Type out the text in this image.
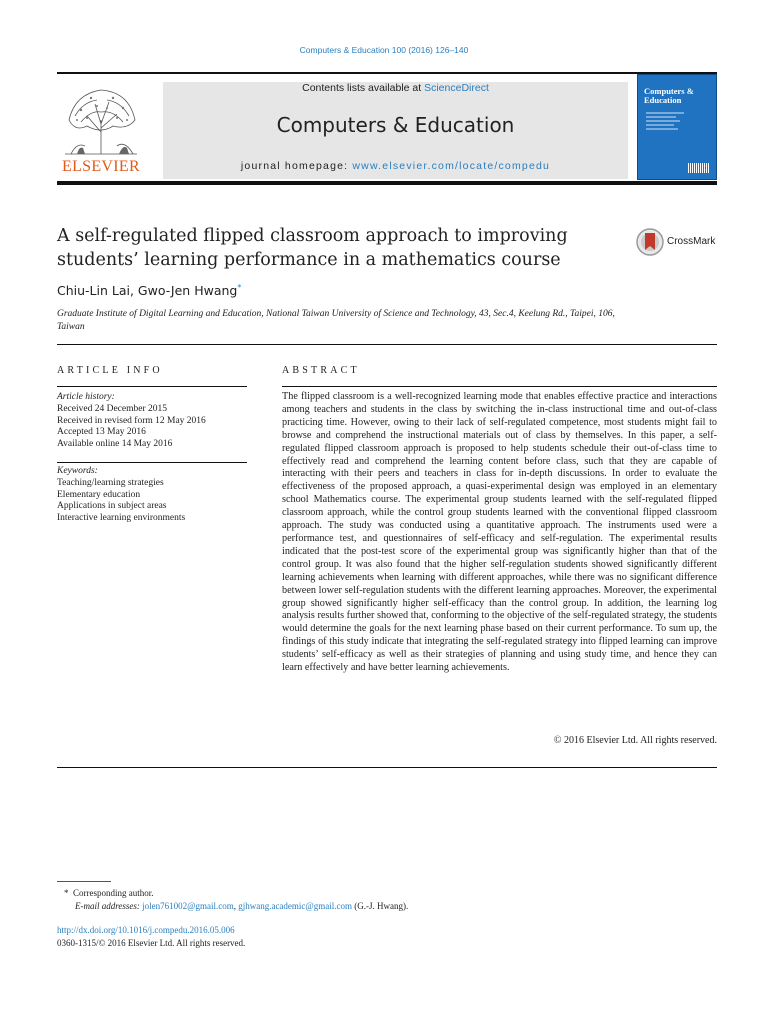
Computers & Education 100 (2016) 126–140
ELSEVIER
Contents lists available at ScienceDirect
Computers & Education
journal homepage: www.elsevier.com/locate/compedu
Computers & Education
A self-regulated flipped classroom approach to improving students’ learning performance in a mathematics course
CrossMark
Chiu-Lin Lai, Gwo-Jen Hwang*
Graduate Institute of Digital Learning and Education, National Taiwan University of Science and Technology, 43, Sec.4, Keelung Rd., Taipei, 106, Taiwan
ARTICLE INFO	ABSTRACT
Article history:
Received 24 December 2015
Received in revised form 12 May 2016
Accepted 13 May 2016
Available online 14 May 2016
Keywords:
Teaching/learning strategies
Elementary education
Applications in subject areas
Interactive learning environments
The flipped classroom is a well-recognized learning mode that enables effective practice and interactions among teachers and students in the class by switching the in-class instructional time and out-of-class practicing time. However, owing to their lack of self-regulated competence, most students might fail to browse and comprehend the instructional materials out of class by themselves. In this paper, a self-regulated flipped classroom approach is proposed to help students schedule their out-of-class time to effectively read and comprehend the learning content before class, such that they are capable of interacting with their peers and teachers in class for in-depth discussions. In order to evaluate the effectiveness of the proposed approach, a quasi-experimental design was employed in an elementary school Mathematics course. The experimental group students learned with the self-regulated flipped classroom approach, while the control group students learned with the conventional flipped classroom approach. The study was conducted using a quantitative approach. The instruments used were a performance test, and questionnaires of self-efficacy and self-regulation. The experimental results indicated that the post-test score of the experimental group was significantly higher than that of the control group. It was also found that the higher self-regulation students showed significantly different learning achievements when learning with different approaches, while there was no significant difference between lower self-regulation students with the different learning approaches. Moreover, the experimental group showed significantly higher self-efficacy than the control group. In addition, the learning log analysis results further showed that, conforming to the objective of the self-regulated strategy, the students would determine the goals for the next learning phase based on their current performance. To sum up, the findings of this study indicate that integrating the self-regulated strategy into flipped learning can improve students’ self-efficacy as well as their strategies of planning and using study time, and hence they can learn effectively and have better learning achievements.
© 2016 Elsevier Ltd. All rights reserved.
* Corresponding author.
E-mail addresses: jolen761002@gmail.com, gjhwang.academic@gmail.com (G.-J. Hwang).
http://dx.doi.org/10.1016/j.compedu.2016.05.006
0360-1315/© 2016 Elsevier Ltd. All rights reserved.
